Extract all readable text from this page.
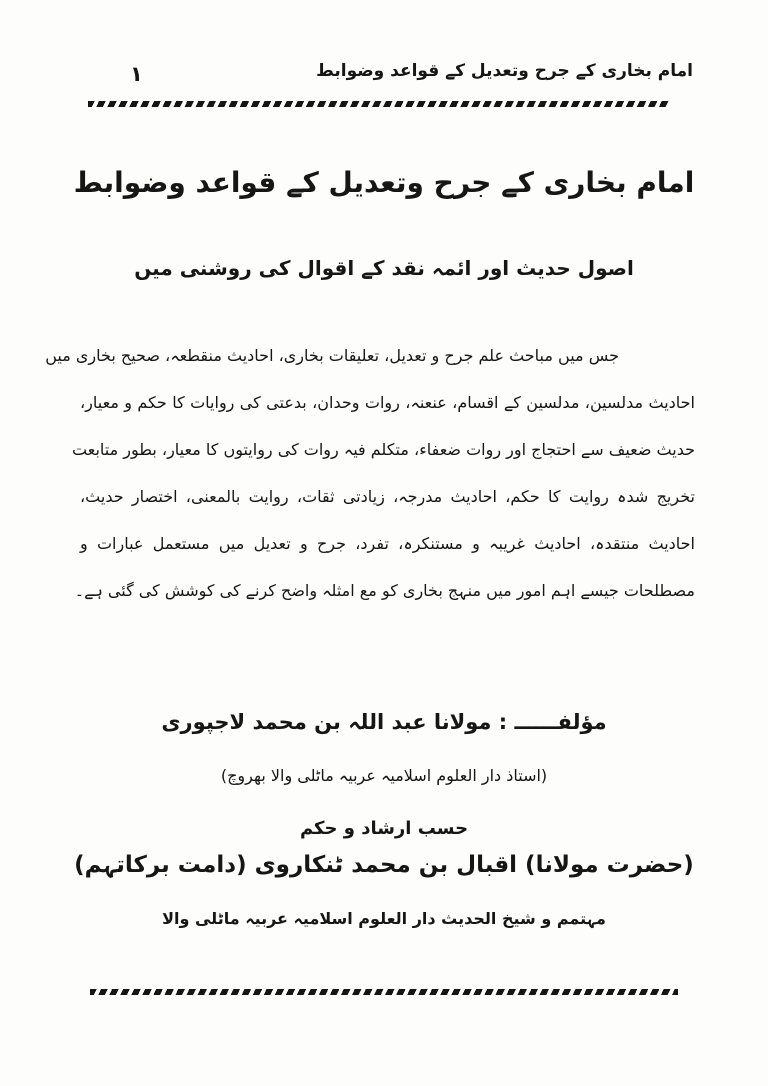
امام بخاری کے جرح وتعدیل کے قواعد وضوابط
۱
امام بخاری کے جرح وتعدیل کے قواعد وضوابط
اصول حدیث اور ائمہ نقد کے اقوال کی روشنی میں
جس میں مباحث علم جرح و تعدیل، تعلیقات بخاری، احادیث منقطعہ، صحیح بخاری میں
احادیث مدلسین، مدلسین کے اقسام، عنعنہ، روات وحدان، بدعتی کی روایات کا حکم و معیار،
حدیث ضعیف سے احتجاج اور روات ضعفاء، متکلم فیہ روات کی روایتوں کا معیار، بطور متابعت
تخریج شدہ روایت کا حکم، احادیث مدرجہ، زیادتی ثقات، روایت بالمعنی، اختصار حدیث،
احادیث منتقدہ، احادیث غریبہ و مستنکرہ، تفرد، جرح و تعدیل میں مستعمل عبارات و
مصطلحات جیسے اہم امور میں منہج بخاری کو مع امثلہ واضح کرنے کی کوشش کی گئی ہے۔
مؤلفــــــ : مولانا عبد اللہ بن محمد لاجپوری
(استاذ دار العلوم اسلامیہ عربیہ ماٹلی والا بھروچ)
حسب ارشاد و حکم
(حضرت مولانا) اقبال بن محمد ٹنکاروی (دامت برکاتہم)
مہتمم و شیخ الحدیث دار العلوم اسلامیہ عربیہ ماٹلی والا
